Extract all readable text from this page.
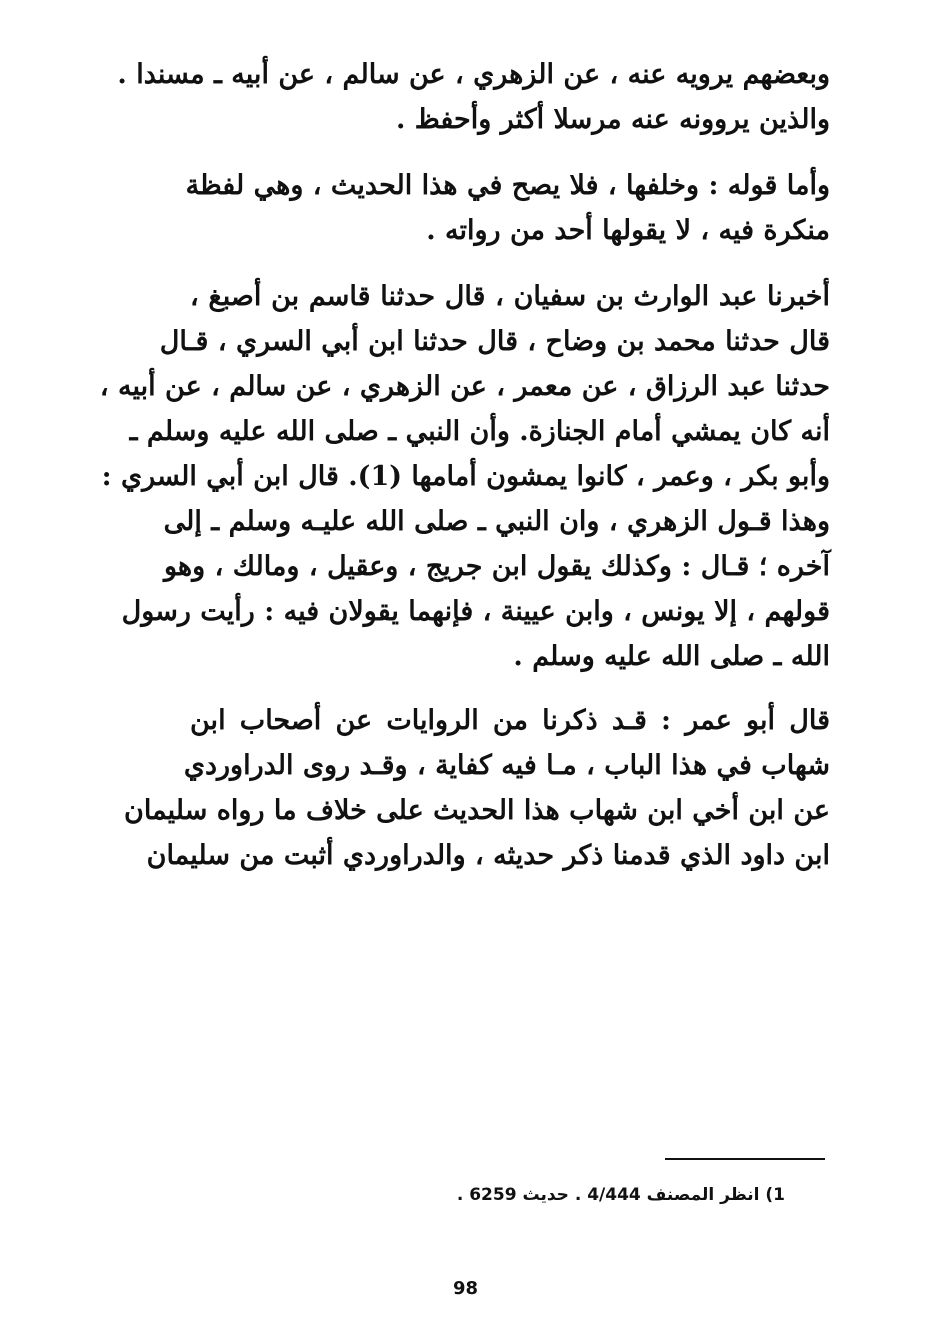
وبعضهم يرويه عنه ، عن الزهري ، عن سالم ، عن أبيه ـ مسندا .
والذين يروونه عنه مرسلا أكثر وأحفظ .
وأما قوله : وخلفها ، فلا يصح في هذا الحديث ، وهي لفظة
منكرة فيه ، لا يقولها أحد من رواته .
أخبرنا عبد الوارث بن سفيان ، قال حدثنا قاسم بن أصبغ ،
قال حدثنا محمد بن وضاح ، قال حدثنا ابن أبي السري ، قـال
حدثنا عبد الرزاق ، عن معمر ، عن الزهري ، عن سالم ، عن أبيه ،
أنه كان يمشي أمام الجنازة. وأن النبي ـ صلى الله عليه وسلم ـ
وأبو بكر ، وعمر ، كانوا يمشون أمامها (1). قال ابن أبي السري :
وهذا قـول الزهري ، وان النبي ـ صلى الله عليـه وسلم ـ إلى
آخره ؛ قـال : وكذلك يقول ابن جريج ، وعقيل ، ومالك ، وهو
قولهم ، إلا يونس ، وابن عيينة ، فإنهما يقولان فيه : رأيت رسول
الله ـ صلى الله عليه وسلم .
قال أبو عمر : قـد ذكرنا من الروايات عن أصحاب ابن
شهاب في هذا الباب ، مـا فيه كفاية ، وقـد روى الدراوردي
عن ابن أخي ابن شهاب هذا الحديث على خلاف ما رواه سليمان
ابن داود الذي قدمنا ذكر حديثه ، والدراوردي أثبت من سليمان
1) انظر المصنف 4/444 . حديث 6259 .
98
